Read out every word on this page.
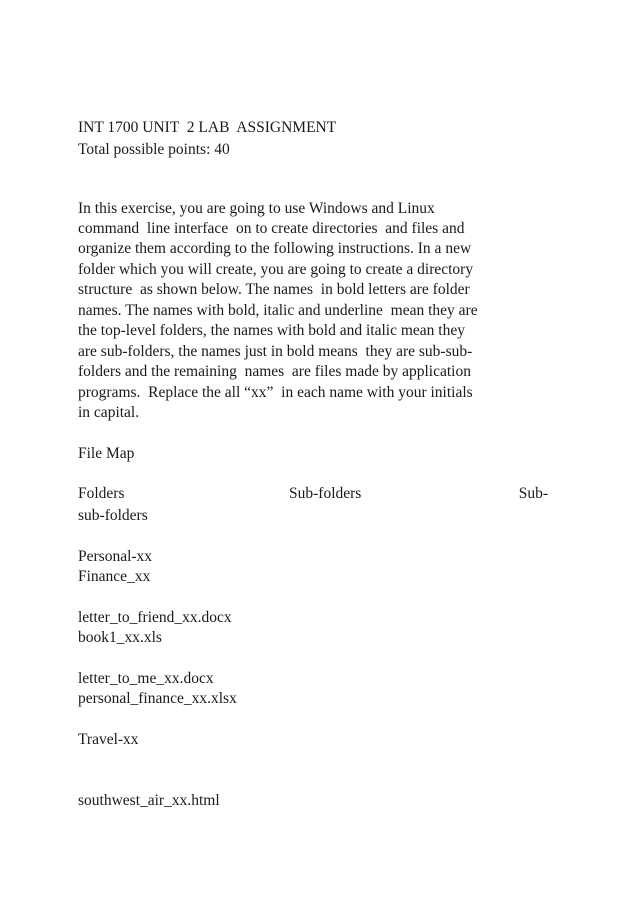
INT 1700 UNIT  2 LAB  ASSIGNMENT
Total possible points: 40
In this exercise, you are going to use Windows and Linux
command  line interface  on to create directories  and files and
organize them according to the following instructions. In a new
folder which you will create, you are going to create a directory
structure  as shown below. The names  in bold letters are folder
names. The names with bold, italic and underline  mean they are
the top-level folders, the names with bold and italic mean they
are sub-folders, the names just in bold means  they are sub-sub-
folders and the remaining  names  are files made by application
programs.  Replace the all “xx”  in each name with your initials
in capital.
File Map
Folders	Sub-folders	Sub-
sub-folders
Personal-xx
Finance_xx
letter_to_friend_xx.docx
book1_xx.xls
letter_to_me_xx.docx
personal_finance_xx.xlsx
Travel-xx
southwest_air_xx.html
